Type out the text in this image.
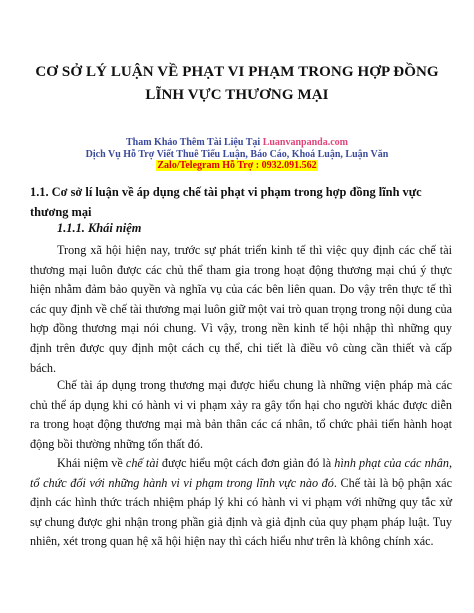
CƠ SỞ LÝ LUẬN VỀ PHẠT VI PHẠM TRONG HỢP ĐỒNG
LĨNH VỰC THƯƠNG MẠI
Tham Khảo Thêm Tài Liệu Tại Luanvanpanda.com
Dịch Vụ Hỗ Trợ Viết Thuê Tiểu Luận, Báo Cáo, Khoá Luận, Luận Văn
Zalo/Telegram Hỗ Trợ : 0932.091.562
1.1. Cơ sở lí luận về áp dụng chế tài phạt vi phạm trong hợp đồng lĩnh vực thương mại
1.1.1. Khái niệm

Trong xã hội hiện nay, trước sự phát triển kinh tế thì việc quy định các chế tài thương mại luôn được các chủ thể tham gia trong hoạt động thương mại chú ý thực hiện nhằm đảm bảo quyền và nghĩa vụ của các bên liên quan. Do vậy trên thực tế thì các quy định về chế tài thương mại luôn giữ một vai trò quan trọng trong nội dung của hợp đồng thương mại nói chung. Vì vậy, trong nền kinh tế hội nhập thì những quy định trên được quy định một cách cụ thể, chi tiết là điều vô cùng cần thiết và cấp bách.

Chế tài áp dụng trong thương mại được hiểu chung là những viện pháp mà các chủ thể áp dụng khi có hành vi vi phạm xảy ra gây tổn hại cho người khác được diễn ra trong hoạt động thương mại mà bản thân các cá nhân, tổ chức phải tiến hành hoạt động bồi thường những tổn thất đó.

Khái niệm về chế tài được hiểu một cách đơn giản đó là hình phạt của các nhân, tổ chức đối với những hành vi vi phạm trong lĩnh vực nào đó. Chế tài là bộ phận xác định các hình thức trách nhiệm pháp lý khi có hành vi vi phạm với những quy tắc xử sự chung được ghi nhận trong phần giả định và giả định của quy phạm pháp luật. Tuy nhiên, xét trong quan hệ xã hội hiện nay thì cách hiểu như trên là không chính xác.
